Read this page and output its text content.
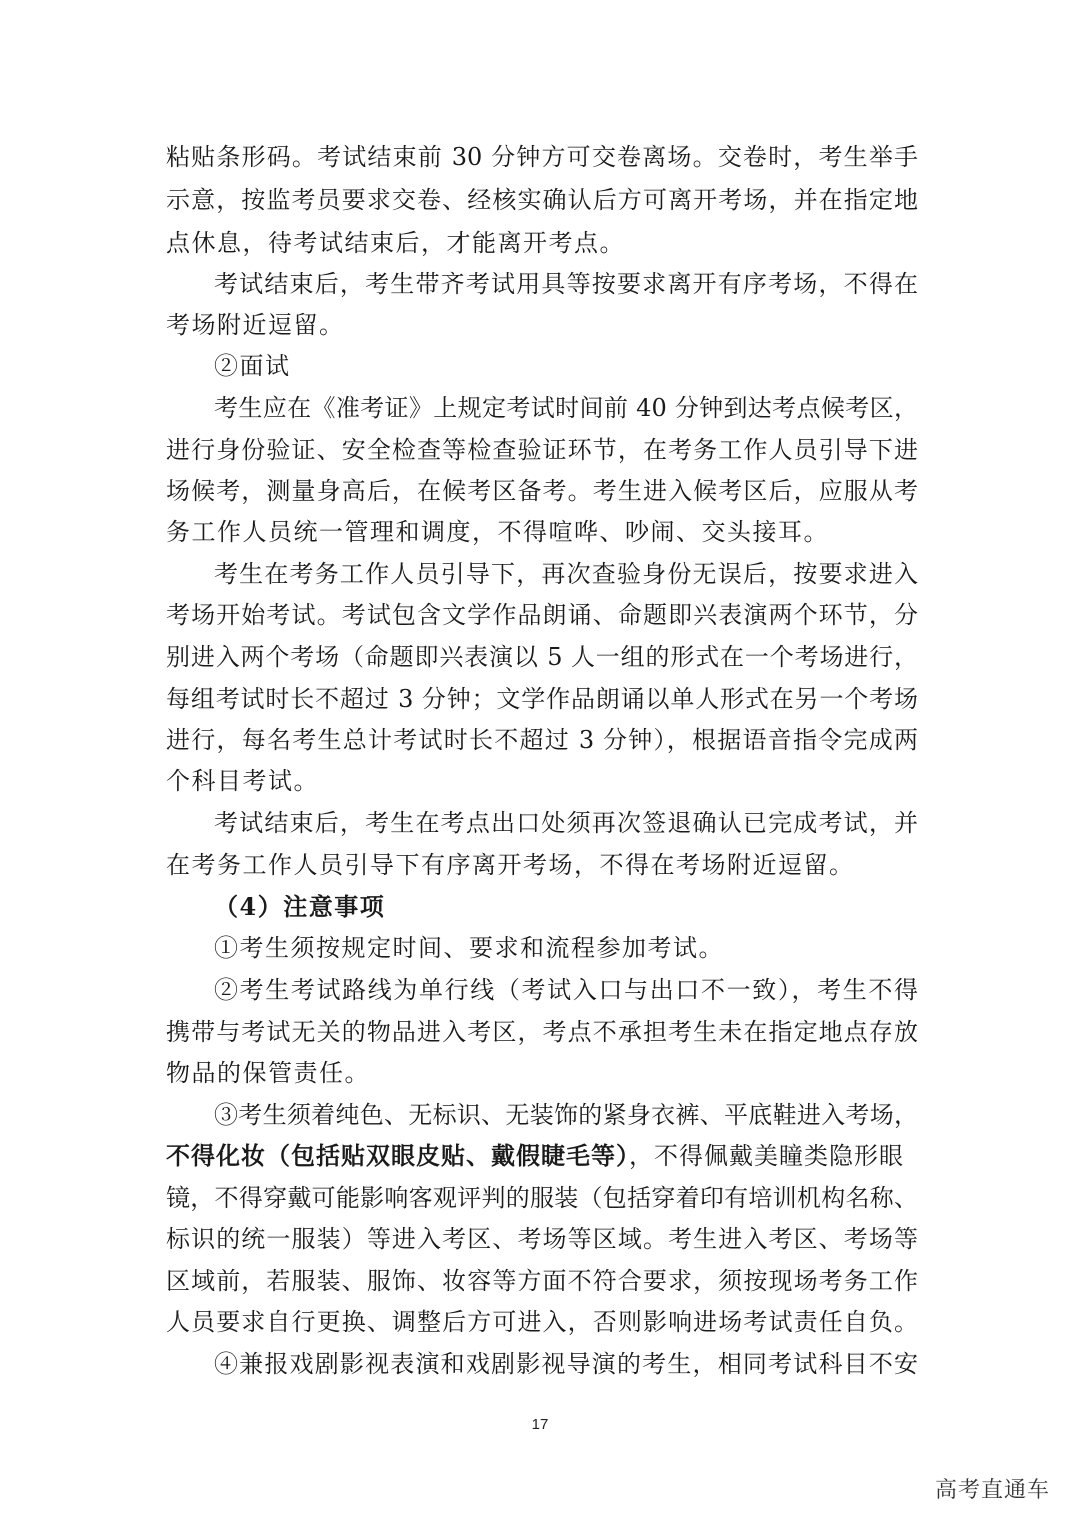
粘贴条形码。考试结束前 30 分钟方可交卷离场。交卷时，考生举手
示意，按监考员要求交卷、经核实确认后方可离开考场，并在指定地
点休息，待考试结束后，才能离开考点。
考试结束后，考生带齐考试用具等按要求离开有序考场，不得在
考场附近逗留。
②面试
考生应在《准考证》上规定考试时间前 40 分钟到达考点候考区，
进行身份验证、安全检查等检查验证环节，在考务工作人员引导下进
场候考，测量身高后，在候考区备考。考生进入候考区后，应服从考
务工作人员统一管理和调度，不得喧哗、吵闹、交头接耳。
考生在考务工作人员引导下，再次查验身份无误后，按要求进入
考场开始考试。考试包含文学作品朗诵、命题即兴表演两个环节，分
别进入两个考场（命题即兴表演以 5 人一组的形式在一个考场进行，
每组考试时长不超过 3 分钟；文学作品朗诵以单人形式在另一个考场
进行，每名考生总计考试时长不超过 3 分钟），根据语音指令完成两
个科目考试。
考试结束后，考生在考点出口处须再次签退确认已完成考试，并
在考务工作人员引导下有序离开考场，不得在考场附近逗留。
（4）注意事项
①考生须按规定时间、要求和流程参加考试。
②考生考试路线为单行线（考试入口与出口不一致），考生不得
携带与考试无关的物品进入考区，考点不承担考生未在指定地点存放
物品的保管责任。
③考生须着纯色、无标识、无装饰的紧身衣裤、平底鞋进入考场，
不得化妆（包括贴双眼皮贴、戴假睫毛等），不得佩戴美瞳类隐形眼
镜，不得穿戴可能影响客观评判的服装（包括穿着印有培训机构名称、
标识的统一服装）等进入考区、考场等区域。考生进入考区、考场等
区域前，若服装、服饰、妆容等方面不符合要求，须按现场考务工作
人员要求自行更换、调整后方可进入，否则影响进场考试责任自负。
④兼报戏剧影视表演和戏剧影视导演的考生，相同考试科目不安
17
高考直通车
